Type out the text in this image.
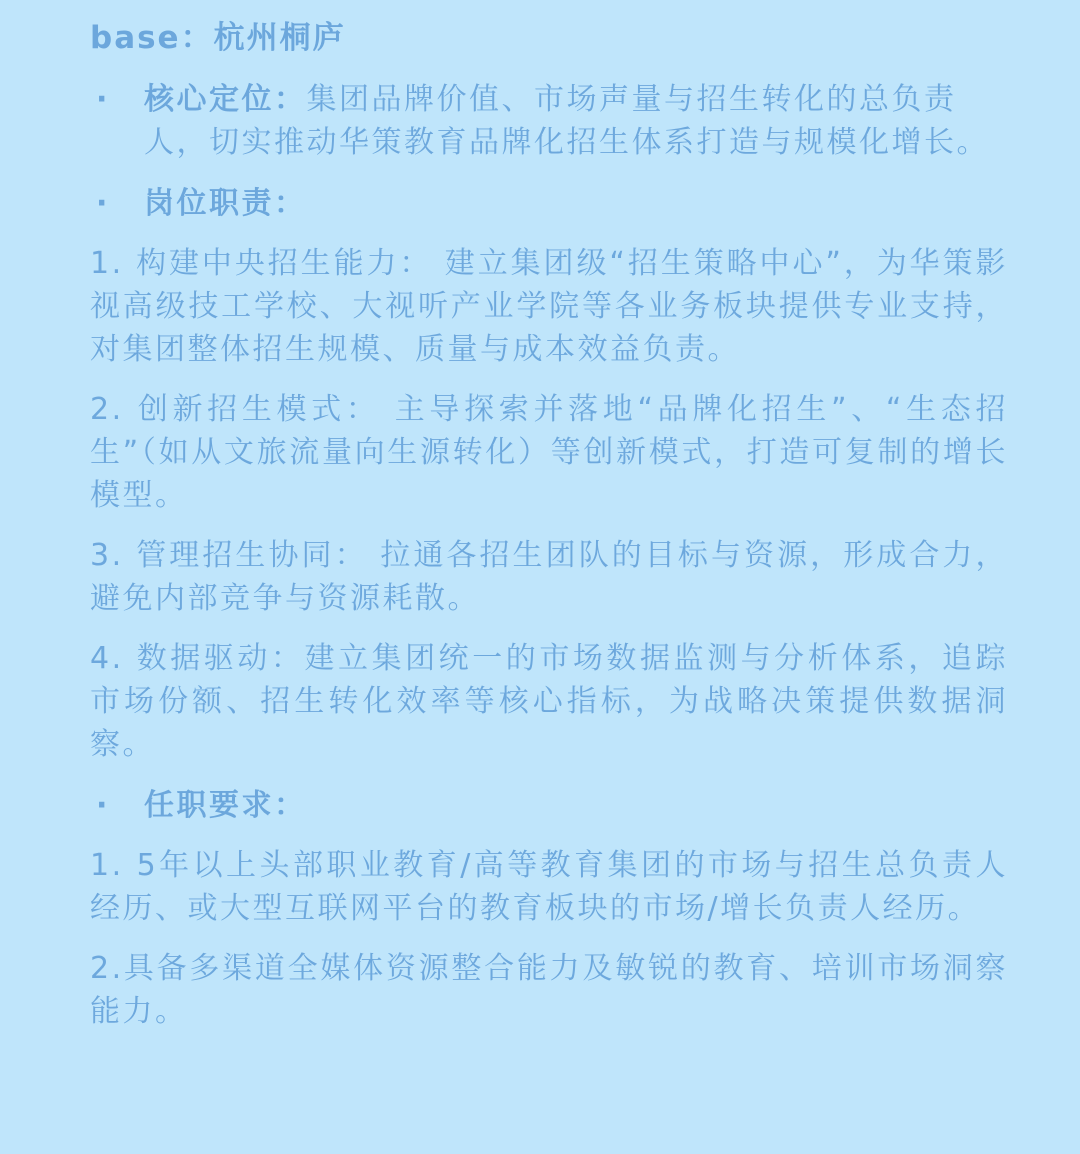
base：杭州桐庐
·	核心定位：集团品牌价值、市场声量与招生转化的总负责人，切实推动华策教育品牌化招生体系打造与规模化增长。
·	岗位职责：
1. 构建中央招生能力： 建立集团级“招生策略中心”，为华策影视高级技工学校、大视听产业学院等各业务板块提供专业支持，对集团整体招生规模、质量与成本效益负责。
2. 创新招生模式： 主导探索并落地“品牌化招生”、“生态招生”（如从文旅流量向生源转化）等创新模式，打造可复制的增长模型。
3. 管理招生协同： 拉通各招生团队的目标与资源，形成合力，避免内部竞争与资源耗散。
4. 数据驱动：建立集团统一的市场数据监测与分析体系，追踪市场份额、招生转化效率等核心指标，为战略决策提供数据洞察。
·	任职要求：
1. 5年以上头部职业教育/高等教育集团的市场与招生总负责人经历、或大型互联网平台的教育板块的市场/增长负责人经历。
2.具备多渠道全媒体资源整合能力及敏锐的教育、培训市场洞察能力。
